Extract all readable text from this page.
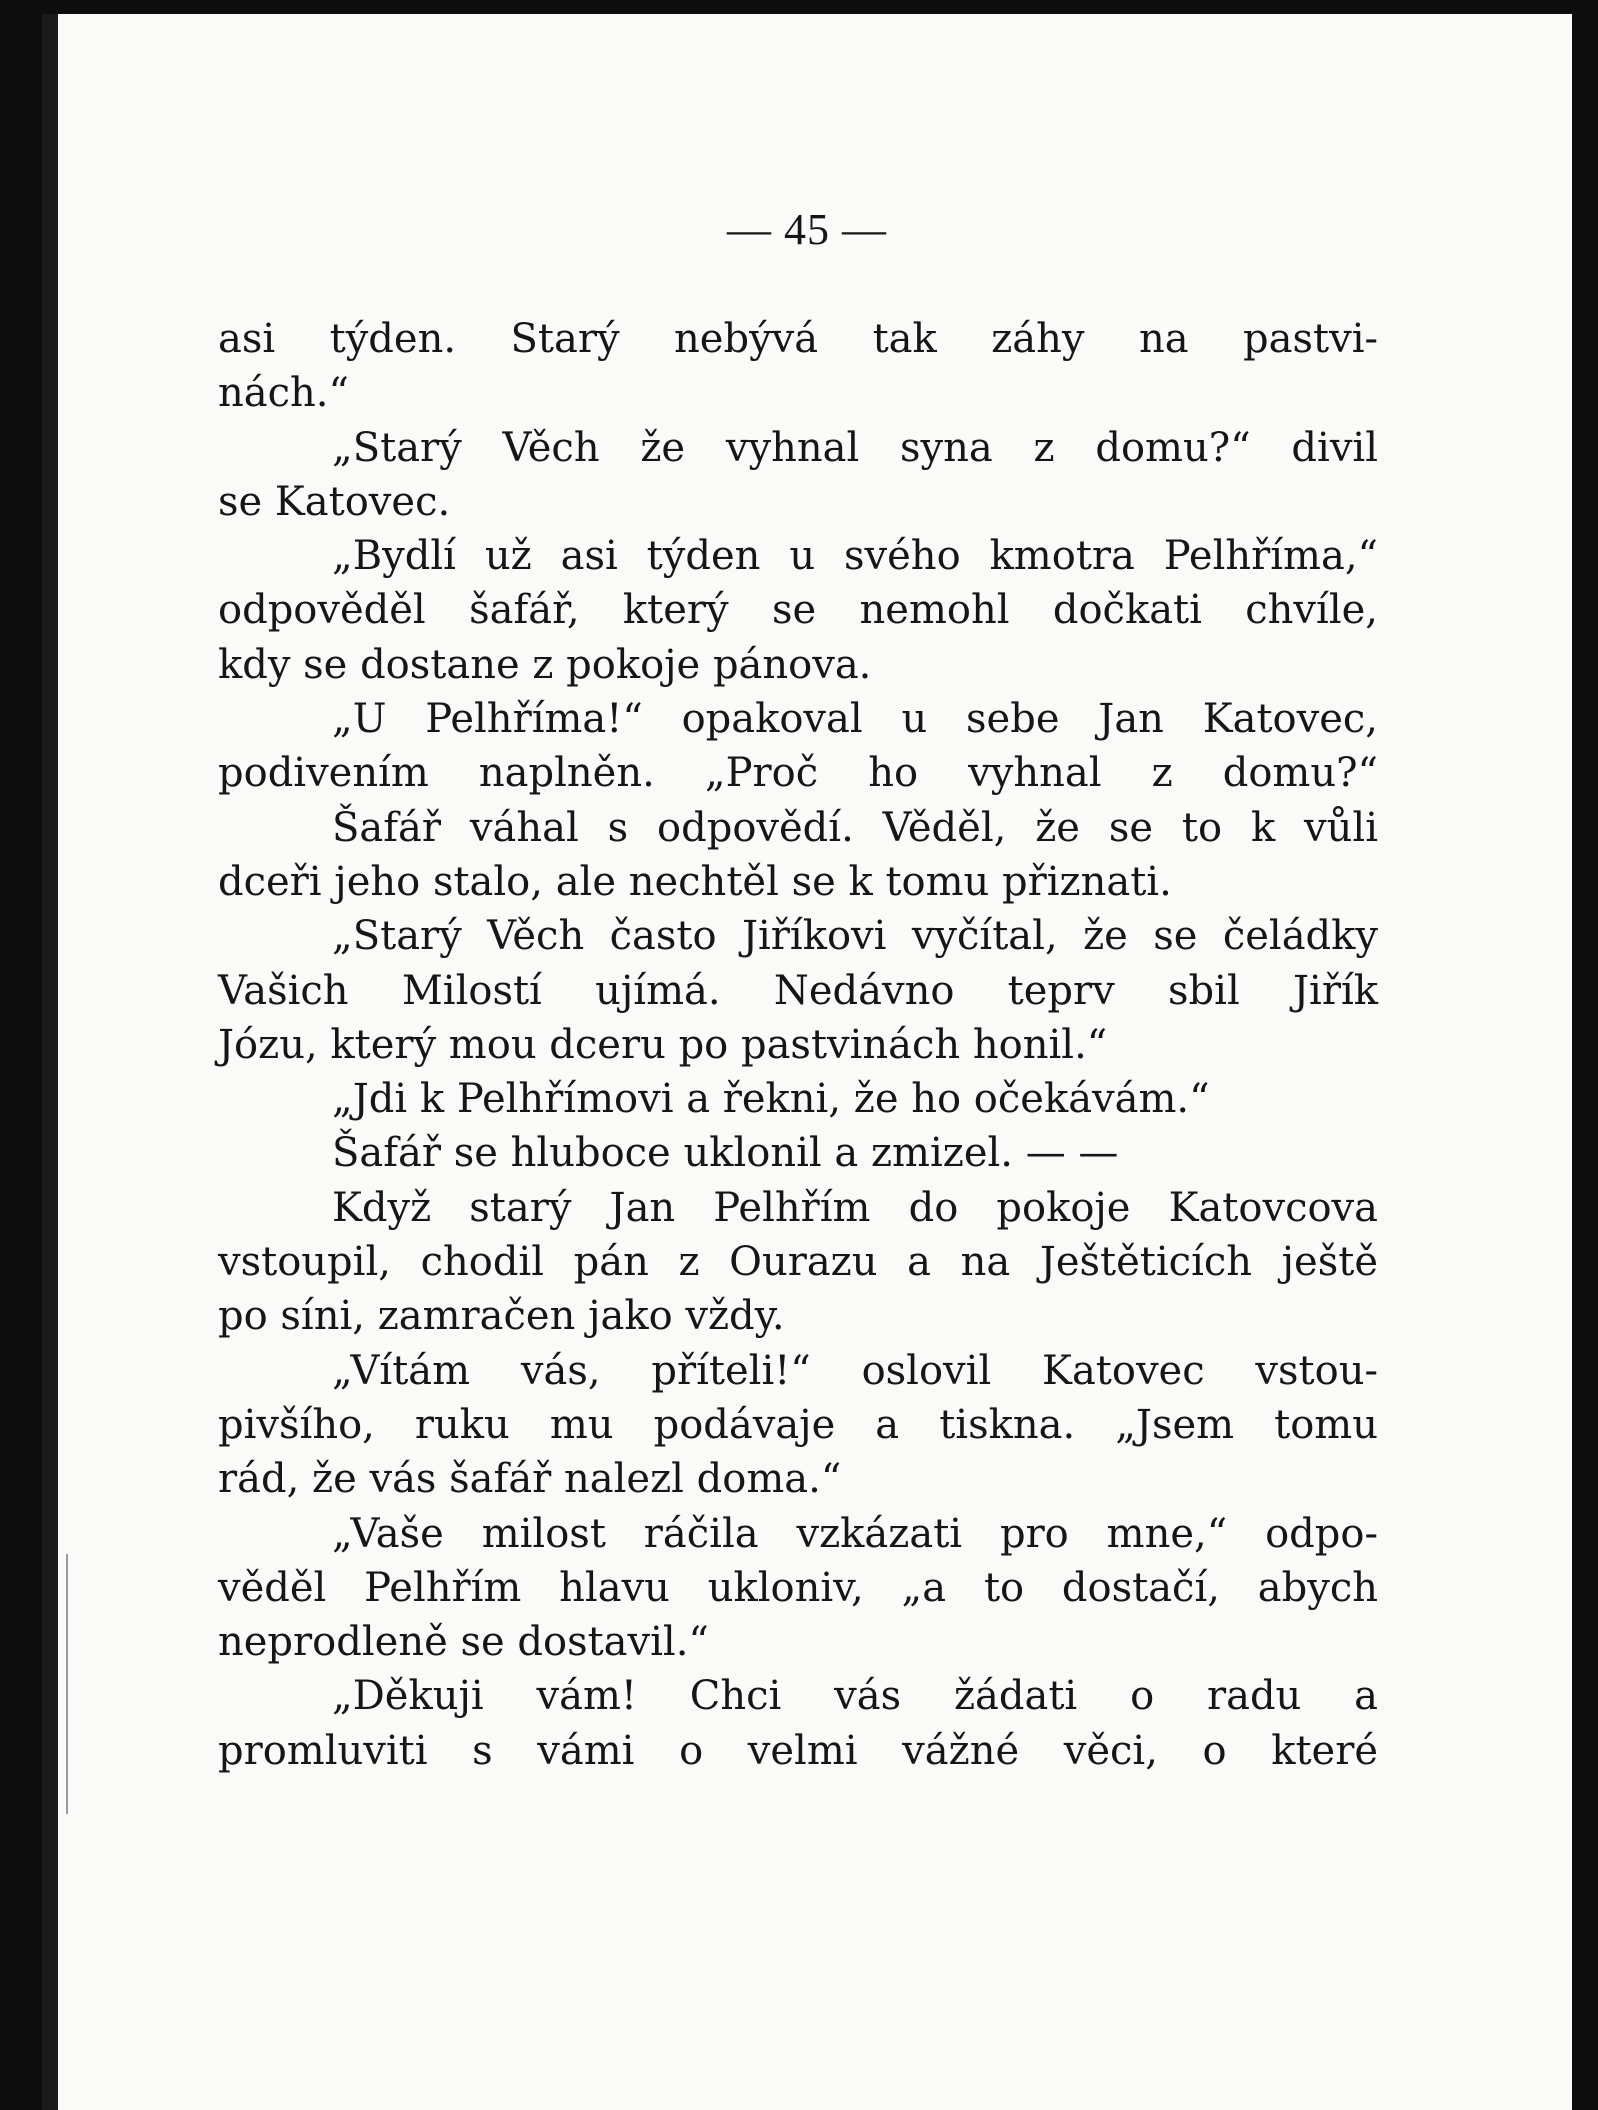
— 45 —
asi týden. Starý nebývá tak záhy na pastvi-
nách.“
„Starý Věch že vyhnal syna z domu?“ divil
se Katovec.
„Bydlí už asi týden u svého kmotra Pelhříma,“
odpověděl šafář, který se nemohl dočkati chvíle,
kdy se dostane z pokoje pánova.
„U Pelhříma!“ opakoval u sebe Jan Katovec,
podivením naplněn. „Proč ho vyhnal z domu?“
Šafář váhal s odpovědí. Věděl, že se to k vůli
dceři jeho stalo, ale nechtěl se k tomu přiznati.
„Starý Věch často Jiříkovi vyčítal, že se čeládky
Vašich Milostí ujímá. Nedávno teprv sbil Jiřík
Józu, který mou dceru po pastvinách honil.“
„Jdi k Pelhřímovi a řekni, že ho očekávám.“
Šafář se hluboce uklonil a zmizel. — —
Když starý Jan Pelhřím do pokoje Katovcova
vstoupil, chodil pán z Ourazu a na Ještěticích ještě
po síni, zamračen jako vždy.
„Vítám vás, příteli!“ oslovil Katovec vstou-
pivšího, ruku mu podávaje a tiskna. „Jsem tomu
rád, že vás šafář nalezl doma.“
„Vaše milost ráčila vzkázati pro mne,“ odpo-
věděl Pelhřím hlavu ukloniv, „a to dostačí, abych
neprodleně se dostavil.“
„Děkuji vám! Chci vás žádati o radu a
promluviti s vámi o velmi vážné věci, o které
